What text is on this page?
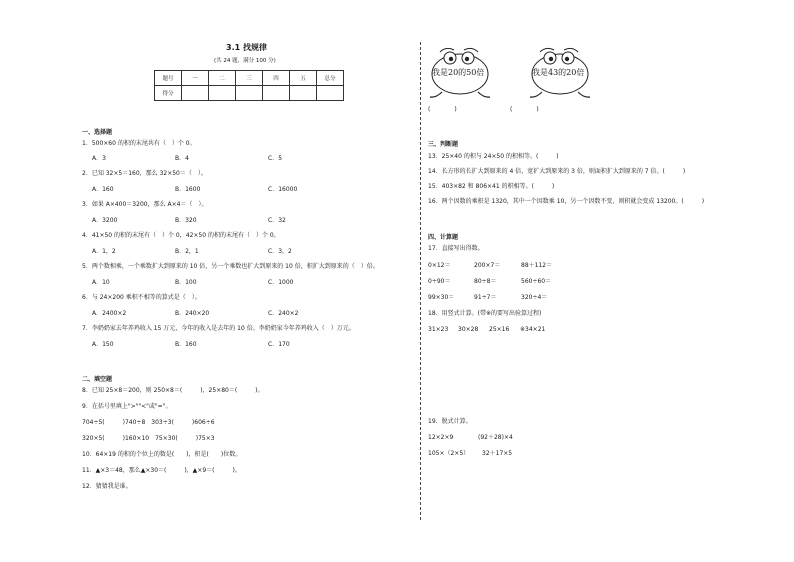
3.1 找规律
(共 24 题，满分 100 分)
题号	一	二	三	四	五	总分
得分						
一、选择题
1．500×60 的积的末尾共有（　）个 0。
A．3	B．4	C．5
2．已知 32×5＝160，那么 32×50＝（　）。
A．160	B．1600	C．16000
3．如果 A×400＝3200，那么 A×4＝（　）。
A．3200	B．320	C．32
4．41×50 的积的末尾有（　）个 0，42×50 的积的末尾有（　）个 0。
A．1，2	B．2，1	C．3，2
5．两个数相乘，一个乘数扩大到原来的 10 倍，另一个乘数也扩大到原来的 10 倍，积扩大到原来的（　）倍。
A．10	B．100	C．1000
6．与 24×200 乘积不相等的算式是（　）。
A．2400×2	B．240×20	C．240×2
7．李奶奶家去年养鸡收入 15 万元，今年的收入是去年的 10 倍。李奶奶家今年养鸡收入（　）万元。
A．150	B．160	C．170
二、填空题
8．已知 25×8＝200，则 250×8＝(　　　)，25×80＝(　　　)。
9．在括号里填上">""<"或"="。
704÷5(　　　)740÷8　303÷3(　　　)606÷6
320×5(　　　)160×10　75×30(　　　)75×3
10．64×19 的积的个位上的数是(　　)，积是(　　)位数。
11．▲×3＝48，那么▲×30＝(　　　)，▲×9＝(　　　)。
12．猜猜我是谁。
我是20的50倍	我是43的20倍
(　　　　)	(　　　　)
三、判断题
13．25×40 的积与 24×50 的积相等。(　　　)
14．长方形的长扩大到原来的 4 倍，宽扩大到原来的 3 倍，则面积扩大到原来的 7 倍。(　　　)
15．403×82 和 806×41 的积相等。(　　　)
16．两个因数的乘积是 1320，其中一个因数乘 10，另一个因数不变，则积就会变成 13200。(　　　)
四、计算题
17．直接写出得数。
0×12＝	200×7＝	88＋112＝
0÷90＝	80÷8＝	560÷60＝
99×30＝	91÷7＝	320÷4＝
18．用竖式计算。(带※的要写出验算过程)
31×23 30×28 25×16 ※34×21
19．脱式计算。
12×2×9	(92＋28)×4
105×（2×5） 32＋17×5
